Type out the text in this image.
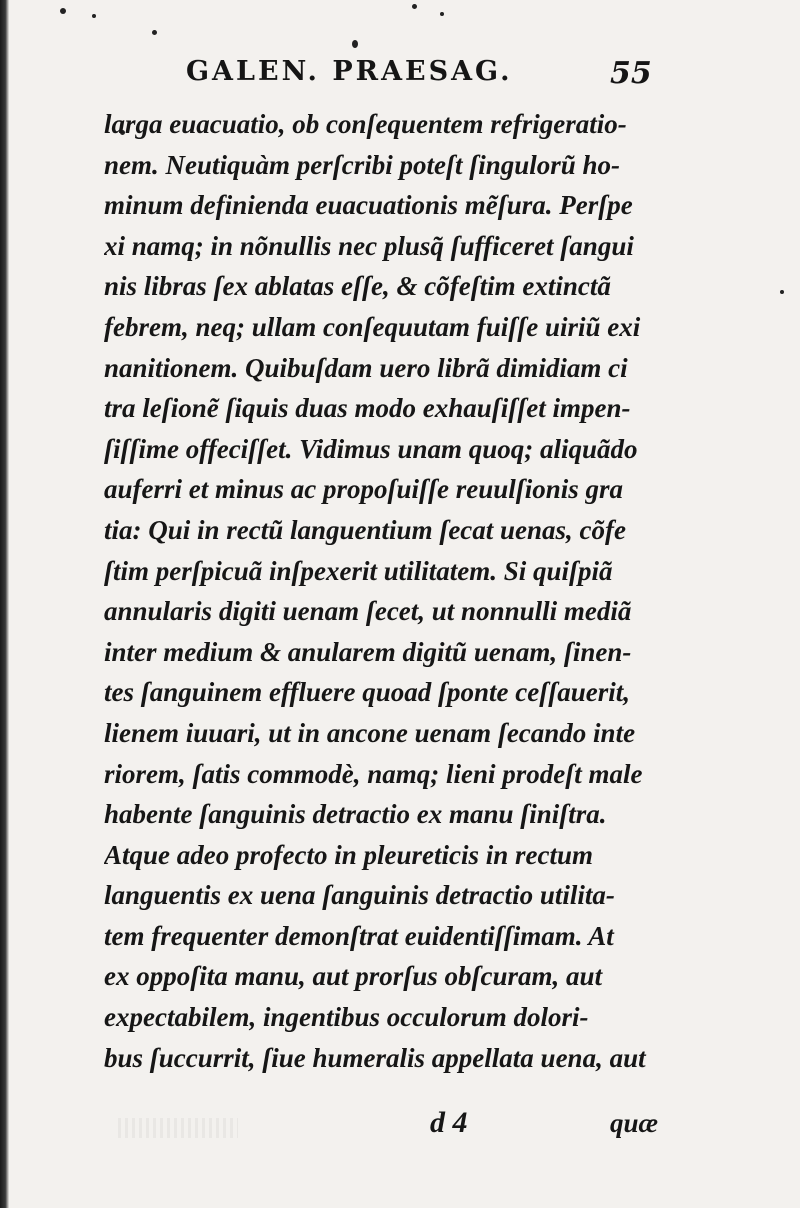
GALEN. PRAESAG.	55
larga euacuatio, ob conſequentem refrigeratio-
nem. Neutiquàm perſcribi poteſt ſingulorũ ho-
minum definienda euacuationis mẽſura. Perſpe
xi namq; in nõnullis nec plusq̃ ſufficeret ſangui
nis libras ſex ablatas eſſe, & cõfeſtim extinctã
febrem, neq; ullam conſequutam fuiſſe uiriũ exi
nanitionem. Quibuſdam uero librã dimidiam ci
tra leſionẽ ſiquis duas modo exhauſiſſet impen-
ſiſſime offeciſſet. Vidimus unam quoq; aliquãdo
auferri et minus ac propoſuiſſe reuulſionis gra
tia: Qui in rectũ languentium ſecat uenas, cõfe
ſtim perſpicuã inſpexerit utilitatem. Si quiſpiã
annularis digiti uenam ſecet, ut nonnulli mediã
inter medium & anularem digitũ uenam, ſinen-
tes ſanguinem effluere quoad ſponte ceſſauerit,
lienem iuuari, ut in ancone uenam ſecando inte
riorem, ſatis commodè, namq; lieni prodeſt male
habente ſanguinis detractio ex manu ſiniſtra.
Atque adeo profecto in pleureticis in rectum
languentis ex uena ſanguinis detractio utilita-
tem frequenter demonſtrat euidentiſſimam. At
ex oppoſita manu, aut prorſus obſcuram, aut
expectabilem, ingentibus occulorum dolori-
bus ſuccurrit, ſiue humeralis appellata uena, aut
d 4	quæ
